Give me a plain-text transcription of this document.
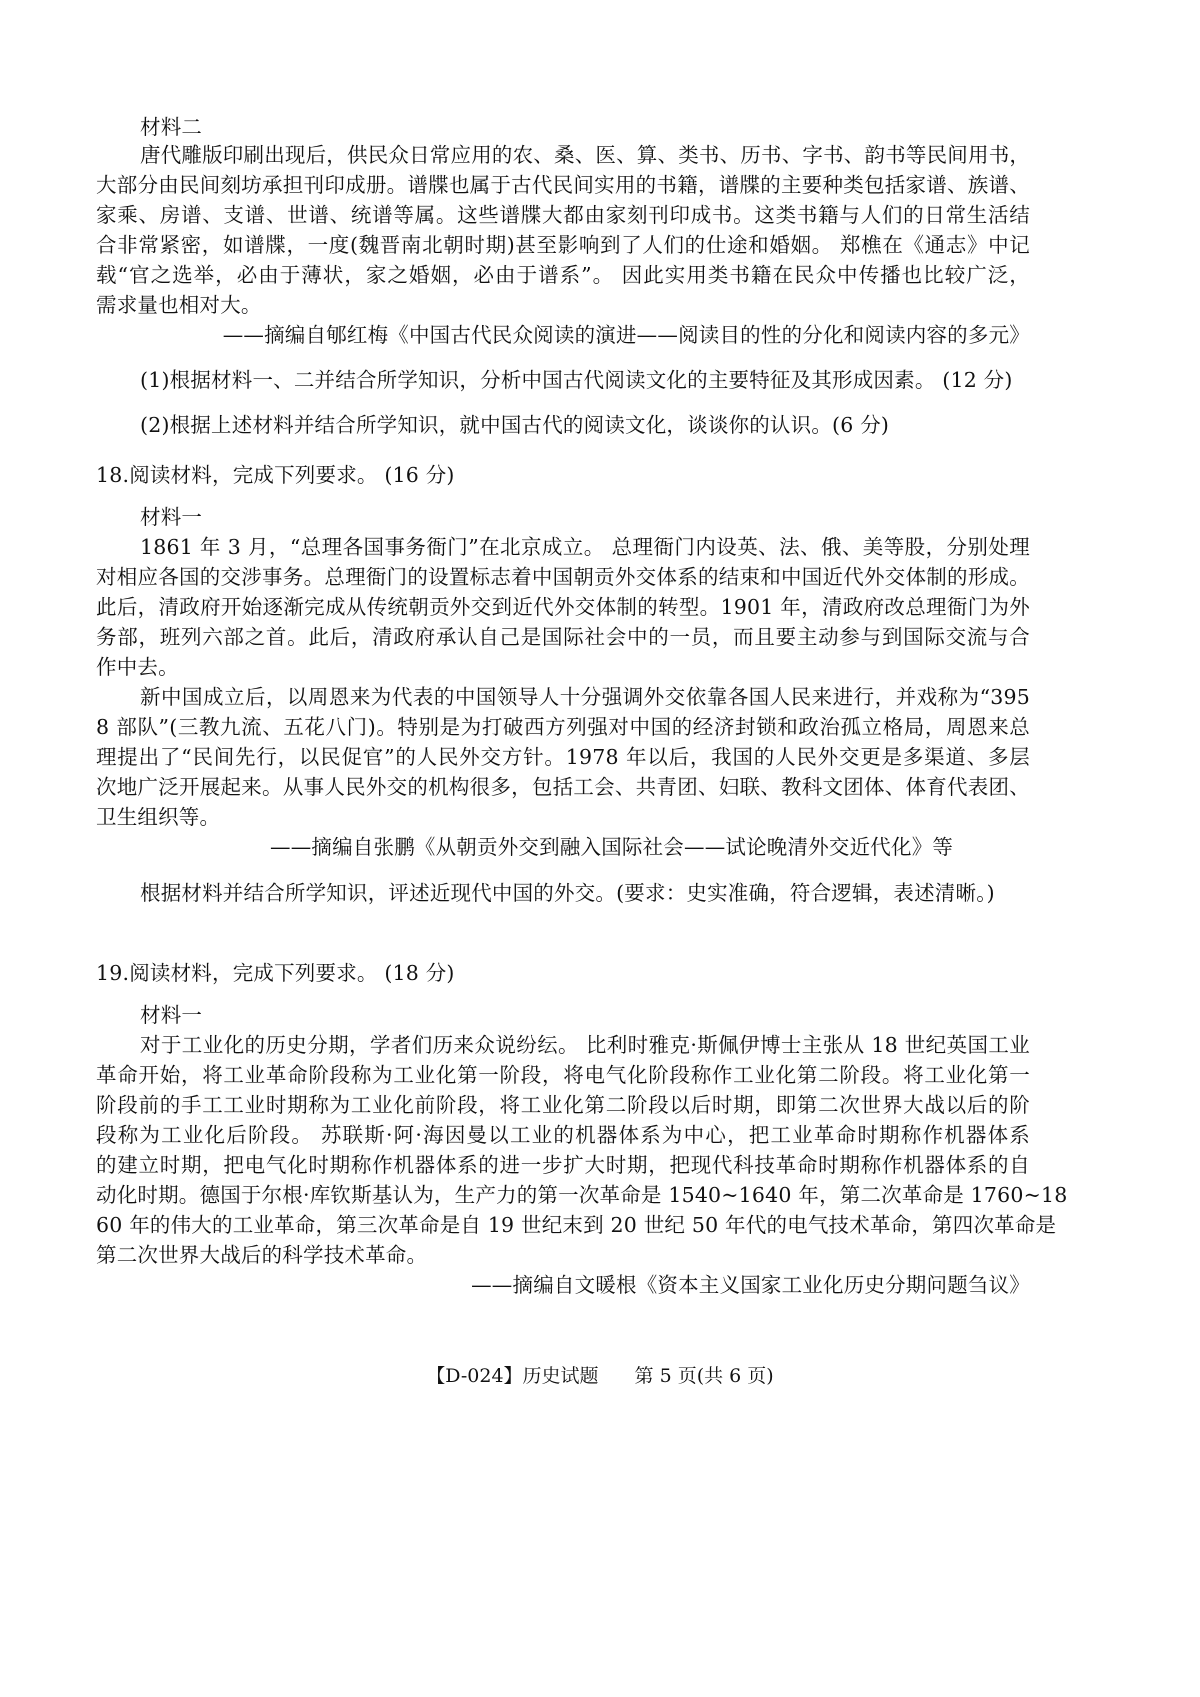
材料二
唐代雕版印刷出现后，供民众日常应用的农、桑、医、算、类书、历书、字书、韵书等民间用书，
大部分由民间刻坊承担刊印成册。谱牒也属于古代民间实用的书籍，谱牒的主要种类包括家谱、族谱、
家乘、房谱、支谱、世谱、统谱等属。这些谱牒大都由家刻刊印成书。这类书籍与人们的日常生活结
合非常紧密，如谱牒，一度(魏晋南北朝时期)甚至影响到了人们的仕途和婚姻。 郑樵在《通志》中记
载“官之选举，必由于薄状，家之婚姻，必由于谱系”。 因此实用类书籍在民众中传播也比较广泛，
需求量也相对大。
——摘编自郇红梅《中国古代民众阅读的演进——阅读目的性的分化和阅读内容的多元》
(1)根据材料一、二并结合所学知识，分析中国古代阅读文化的主要特征及其形成因素。 (12 分)
(2)根据上述材料并结合所学知识，就中国古代的阅读文化，谈谈你的认识。(6 分)
18.阅读材料，完成下列要求。 (16 分)
材料一
1861 年 3 月，“总理各国事务衙门”在北京成立。 总理衙门内设英、法、俄、美等股，分别处理
对相应各国的交涉事务。总理衙门的设置标志着中国朝贡外交体系的结束和中国近代外交体制的形成。
此后，清政府开始逐渐完成从传统朝贡外交到近代外交体制的转型。1901 年，清政府改总理衙门为外
务部，班列六部之首。此后，清政府承认自己是国际社会中的一员，而且要主动参与到国际交流与合
作中去。
新中国成立后，以周恩来为代表的中国领导人十分强调外交依靠各国人民来进行，并戏称为“395
8 部队”(三教九流、五花八门)。特别是为打破西方列强对中国的经济封锁和政治孤立格局，周恩来总
理提出了“民间先行，以民促官”的人民外交方针。1978 年以后，我国的人民外交更是多渠道、多层
次地广泛开展起来。从事人民外交的机构很多，包括工会、共青团、妇联、教科文团体、体育代表团、
卫生组织等。
——摘编自张鹏《从朝贡外交到融入国际社会——试论晚清外交近代化》等
根据材料并结合所学知识，评述近现代中国的外交。(要求：史实准确，符合逻辑，表述清晰。)
19.阅读材料，完成下列要求。 (18 分)
材料一
对于工业化的历史分期，学者们历来众说纷纭。 比利时雅克·斯佩伊博士主张从 18 世纪英国工业
革命开始，将工业革命阶段称为工业化第一阶段，将电气化阶段称作工业化第二阶段。将工业化第一
阶段前的手工工业时期称为工业化前阶段，将工业化第二阶段以后时期，即第二次世界大战以后的阶
段称为工业化后阶段。 苏联斯·阿·海因曼以工业的机器体系为中心，把工业革命时期称作机器体系
的建立时期，把电气化时期称作机器体系的进一步扩大时期，把现代科技革命时期称作机器体系的自
动化时期。德国于尔根·库钦斯基认为，生产力的第一次革命是 1540~1640 年，第二次革命是 1760~18
60 年的伟大的工业革命，第三次革命是自 19 世纪末到 20 世纪 50 年代的电气技术革命，第四次革命是
第二次世界大战后的科学技术革命。
——摘编自文暖根《资本主义国家工业化历史分期问题刍议》
【D-024】历史试题 第 5 页(共 6 页)
